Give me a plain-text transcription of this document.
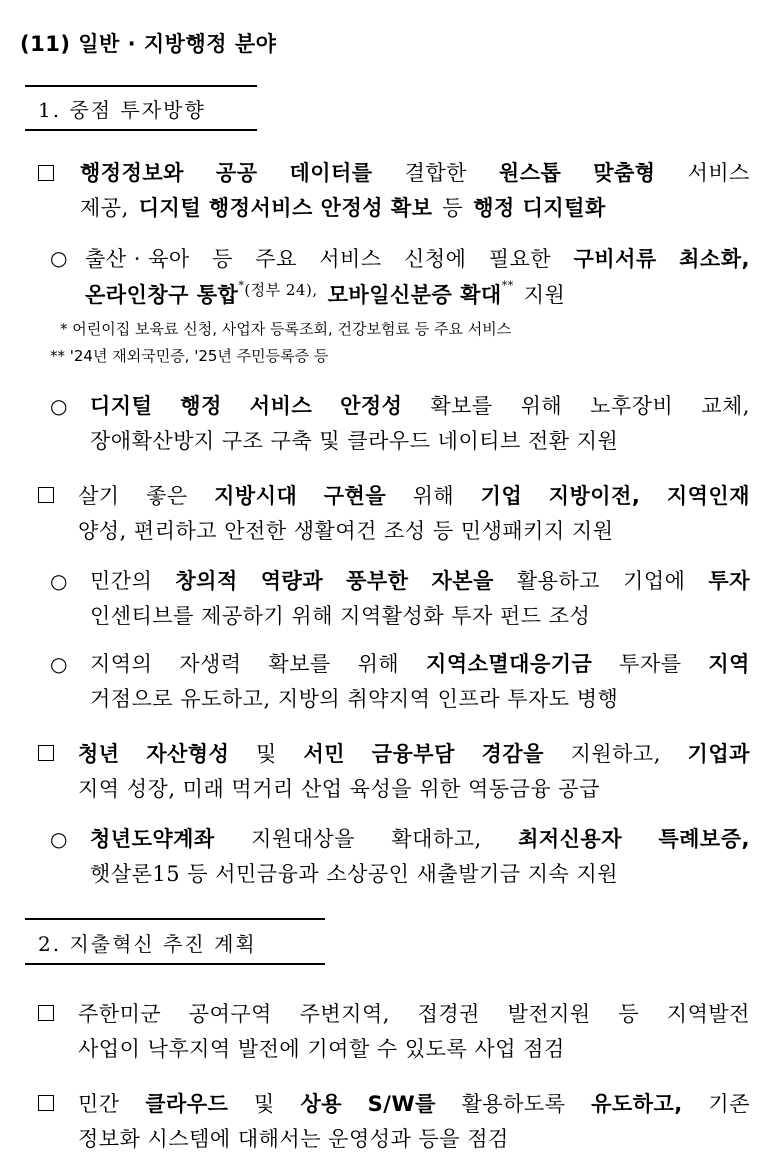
(11) 일반 · 지방행정 분야
1. 중점 투자방향
행정정보와 공공 데이터를 결합한 원스톱 맞춤형 서비스
제공, 디지털 행정서비스 안정성 확보 등 행정 디지털화
○ 출산 · 육아 등 주요 서비스 신청에 필요한 구비서류 최소화,
온라인창구 통합 * (정부 24), 모바일신분증 확대 ** 지원
* 어린이집 보육료 신청, 사업자 등록조회, 건강보험료 등 주요 서비스
** '24년 재외국민증, '25년 주민등록증 등
○ 디지털 행정 서비스 안정성 확보를 위해 노후장비 교체,
장애확산방지 구조 구축 및 클라우드 네이티브 전환 지원
살기 좋은 지방시대 구현을 위해 기업 지방이전, 지역인재
양성, 편리하고 안전한 생활여건 조성 등 민생패키지 지원
○ 민간의 창의적 역량과 풍부한 자본을 활용하고 기업에 투자
인센티브를 제공하기 위해 지역활성화 투자 펀드 조성
○ 지역의 자생력 확보를 위해 지역소멸대응기금 투자를 지역
거점으로 유도하고, 지방의 취약지역 인프라 투자도 병행
청년 자산형성 및 서민 금융부담 경감을 지원하고, 기업과
지역 성장, 미래 먹거리 산업 육성을 위한 역동금융 공급
○ 청년도약계좌 지원대상을 확대하고, 최저신용자 특례보증,
햇살론15 등 서민금융과 소상공인 새출발기금 지속 지원
2. 지출혁신 추진 계획
주한미군 공여구역 주변지역, 접경권 발전지원 등 지역발전
사업이 낙후지역 발전에 기여할 수 있도록 사업 점검
민간 클라우드 및 상용 S/W를 활용하도록 유도하고, 기존
정보화 시스템에 대해서는 운영성과 등을 점검
